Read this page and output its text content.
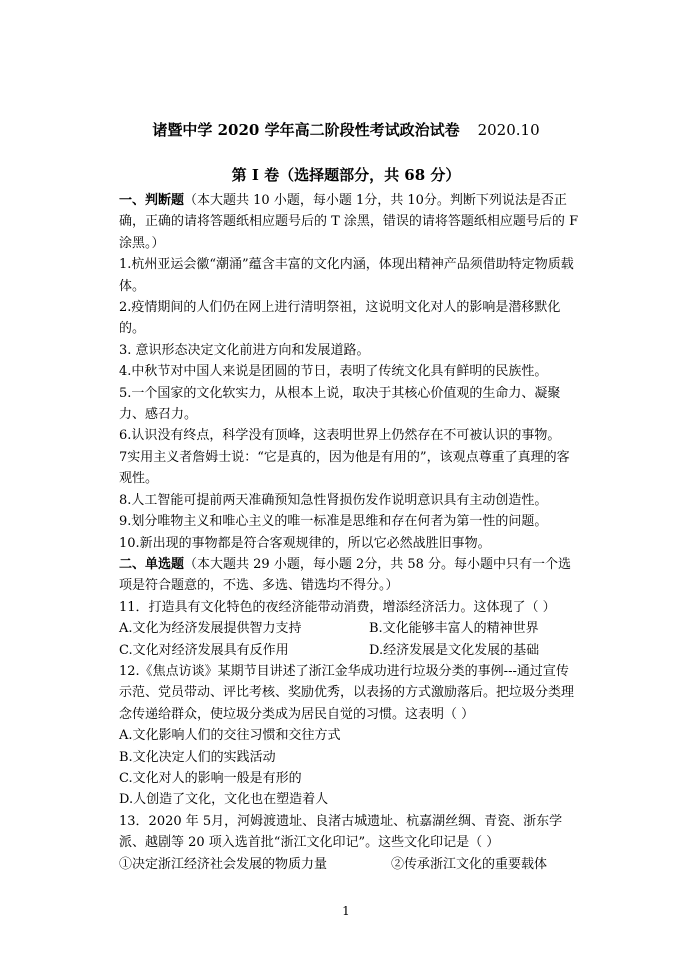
诸暨中学 2020 学年高二阶段性考试政治试卷 2020.10
第 I 卷（选择题部分，共 68 分）

一、判断题（本大题共 10 小题，每小题 1分，共 10分。判断下列说法是否正确，正确的请将答题纸相应题号后的 T 涂黑，错误的请将答题纸相应题号后的 F 涂黑。）

1.杭州亚运会徽“潮涌”蕴含丰富的文化内涵，体现出精神产品须借助特定物质载体。

2.疫情期间的人们仍在网上进行清明祭祖，这说明文化对人的影响是潜移默化的。

3. 意识形态决定文化前进方向和发展道路。

4.中秋节对中国人来说是团圆的节日，表明了传统文化具有鲜明的民族性。

5.一个国家的文化软实力，从根本上说，取决于其核心价值观的生命力、凝聚力、感召力。

6.认识没有终点，科学没有顶峰，这表明世界上仍然存在不可被认识的事物。

7实用主义者詹姆士说：“它是真的，因为他是有用的”，该观点尊重了真理的客观性。

8.人工智能可提前两天准确预知急性肾损伤发作说明意识具有主动创造性。

9.划分唯物主义和唯心主义的唯一标准是思维和存在何者为第一性的问题。

10.新出现的事物都是符合客观规律的，所以它必然战胜旧事物。

二、单选题（本大题共 29 小题，每小题 2分，共 58 分。每小题中只有一个选项是符合题意的，不选、多选、错选均不得分。）

11．打造具有文化特色的夜经济能带动消费，增添经济活力。这体现了（ ）

A.文化为经济发展提供智力支持	B.文化能够丰富人的精神世界
C.文化对经济发展具有反作用	D.经济发展是文化发展的基础

12.《焦点访谈》某期节目讲述了浙江金华成功进行垃圾分类的事例---通过宣传示范、党员带动、评比考核、奖励优秀，以表扬的方式激励落后。把垃圾分类理念传递给群众，使垃圾分类成为居民自觉的习惯。这表明（ ）

A.文化影响人们的交往习惯和交往方式

B.文化决定人们的实践活动

C.文化对人的影响一般是有形的

D.人创造了文化，文化也在塑造着人

13．2020 年 5月，河姆渡遗址、良渚古城遗址、杭嘉湖丝绸、青瓷、浙东学派、越剧等 20 项入选首批“浙江文化印记”。这些文化印记是（ ）

①决定浙江经济社会发展的物质力量	②传承浙江文化的重要载体
1
